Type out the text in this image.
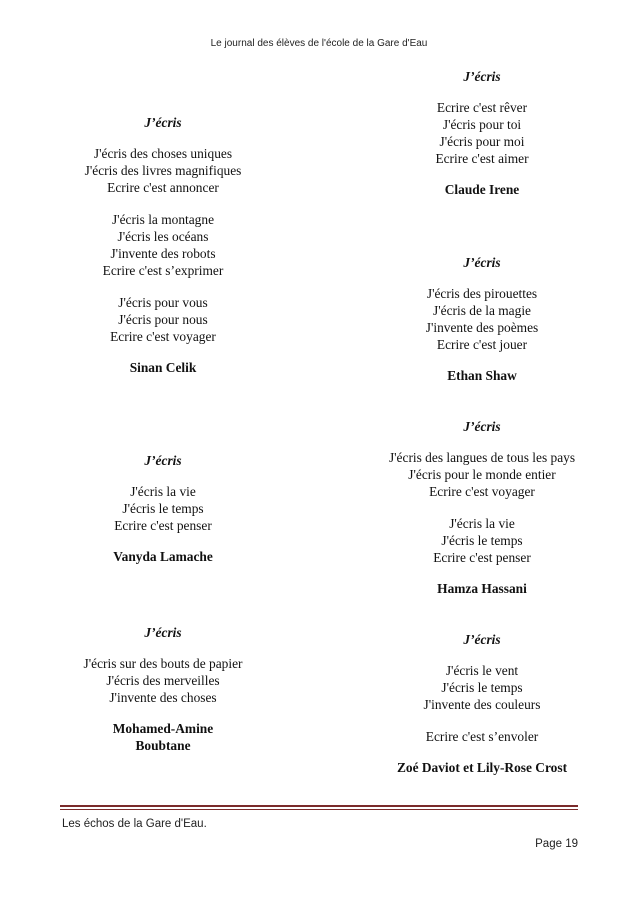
Le journal des élèves de l'école de la Gare d'Eau
J’écris
J'écris des choses uniques
J'écris des livres magnifiques
Ecrire c'est annoncer
J'écris la montagne
J'écris les océans
J'invente des robots
Ecrire c'est s’exprimer
J'écris pour vous
J'écris pour nous
Ecrire c'est voyager
Sinan Celik
J’écris
J'écris la vie
J'écris le temps
Ecrire c'est penser
Vanyda Lamache
J’écris
J'écris sur des bouts de papier
J'écris des merveilles
J'invente des choses
Mohamed-Amine Boubtane
J’écris
Ecrire c'est rêver
J'écris pour toi
J'écris pour moi
Ecrire c'est aimer
Claude Irene
J’écris
J'écris des pirouettes
J'écris de la magie
J'invente des poèmes
Ecrire c'est jouer
Ethan Shaw
J’écris
J'écris des langues de tous les pays
J'écris pour le monde entier
Ecrire c'est voyager
J'écris la vie
J'écris le temps
Ecrire c'est penser
Hamza Hassani
J’écris
J'écris le vent
J'écris le temps
J'invente des couleurs
Ecrire c'est s’envoler
Zoé Daviot et Lily-Rose Crost
Les échos de la Gare d'Eau.
Page 19
